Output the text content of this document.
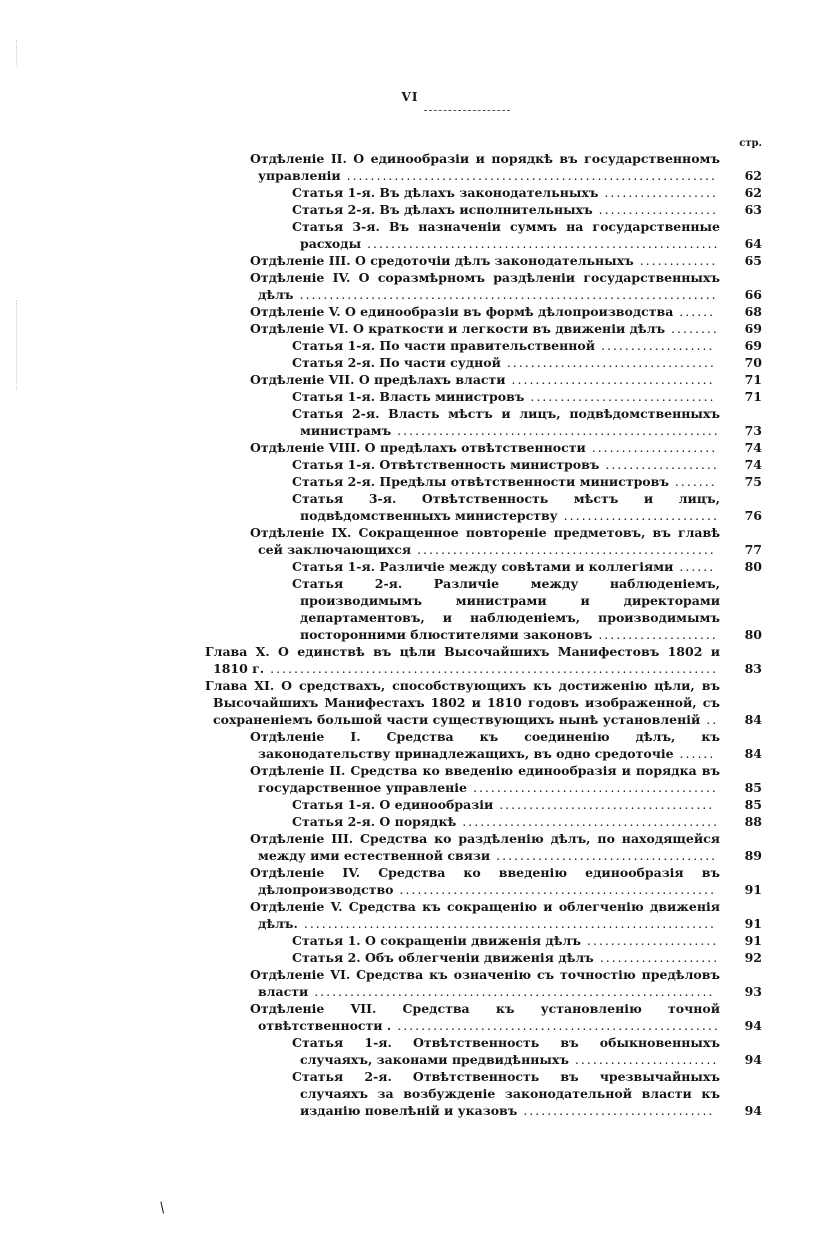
VI
стр.
Отдѣленіе II. О единообразіи и порядкѣ въ государственномъ управленіи ..............................................................	62
Статья 1-я. Въ дѣлахъ законодательныхъ ...................	62
Статья 2-я. Въ дѣлахъ исполнительныхъ ....................	63
Статья 3-я. Въ назначеніи суммъ на государственные расходы ...........................................................	64
Отдѣленіе III. О средоточіи дѣлъ законодательныхъ .............	65
Отдѣленіе IV. О соразмѣрномъ раздѣленіи государственныхъ дѣлъ ......................................................................	66
Отдѣленіе V. О единообразіи въ формѣ дѣлопроизводства ......	68
Отдѣленіе VI. О краткости и легкости въ движеніи дѣлъ ........	69
Статья 1-я. По части правительственной ...................	69
Статья 2-я. По части судной ...................................	70
Отдѣленіе VII. О предѣлахъ власти ..................................	71
Статья 1-я. Власть министровъ ...............................	71
Статья 2-я. Власть мѣстъ и лицъ, подвѣдомственныхъ министрамъ ......................................................	73
Отдѣленіе VIII. О предѣлахъ отвѣтственности .....................	74
Статья 1-я. Отвѣтственность министровъ ...................	74
Статья 2-я. Предѣлы отвѣтственности министровъ .......	75
Статья 3-я. Отвѣтственность мѣстъ и лицъ, подвѣдомственныхъ министерству ..........................	76
Отдѣленіе IX. Сокращенное повтореніе предметовъ, въ главѣ сей заключающихся ..................................................	77
Статья 1-я. Различіе между совѣтами и коллегіями ......	80
Статья 2-я. Различіе между наблюденіемъ, производимымъ министрами и директорами департаментовъ, и наблюденіемъ, производимымъ посторонними блюстителями законовъ ....................	80
Глава X. О единствѣ въ цѣли Высочайшихъ Манифестовъ 1802 и 1810 г. ...........................................................................	83
Глава XI. О средствахъ, способствующихъ къ достиженію цѣли, въ Высочайшихъ Манифестахъ 1802 и 1810 годовъ изображенной, съ сохраненіемъ большой части существующихъ нынѣ установленій ..	84
Отдѣленіе I. Средства къ соединенію дѣлъ, къ законодательству принадлежащихъ, въ одно средоточіе ......	84
Отдѣленіе II. Средства ко введенію единообразія и порядка въ государственное управленіе .........................................	85
Статья 1-я. О единообразіи ....................................	85
Статья 2-я. О порядкѣ ...........................................	88
Отдѣленіе III. Средства ко раздѣленію дѣлъ, по находящейся между ими естественной связи .....................................	89
Отдѣленіе IV. Средства ко введенію единообразія въ дѣлопроизводство .....................................................	91
Отдѣленіе V. Средства къ сокращенію и облегченію движенія дѣлъ. .....................................................................	91
Статья 1. О сокращеніи движенія дѣлъ ......................	91
Статья 2. Объ облегченіи движенія дѣлъ ....................	92
Отдѣленіе VI. Средства къ означенію съ точностію предѣловъ власти ...................................................................	93
Отдѣленіе VII. Средства къ установленію точной отвѣтственности . ......................................................	94
Статья 1-я. Отвѣтственность въ обыкновенныхъ случаяхъ, законами предвидѣнныхъ ........................	94
Статья 2-я. Отвѣтственность въ чрезвычайныхъ случаяхъ за возбужденіе законодательной власти къ изданію повелѣній и указовъ ................................	94
/
